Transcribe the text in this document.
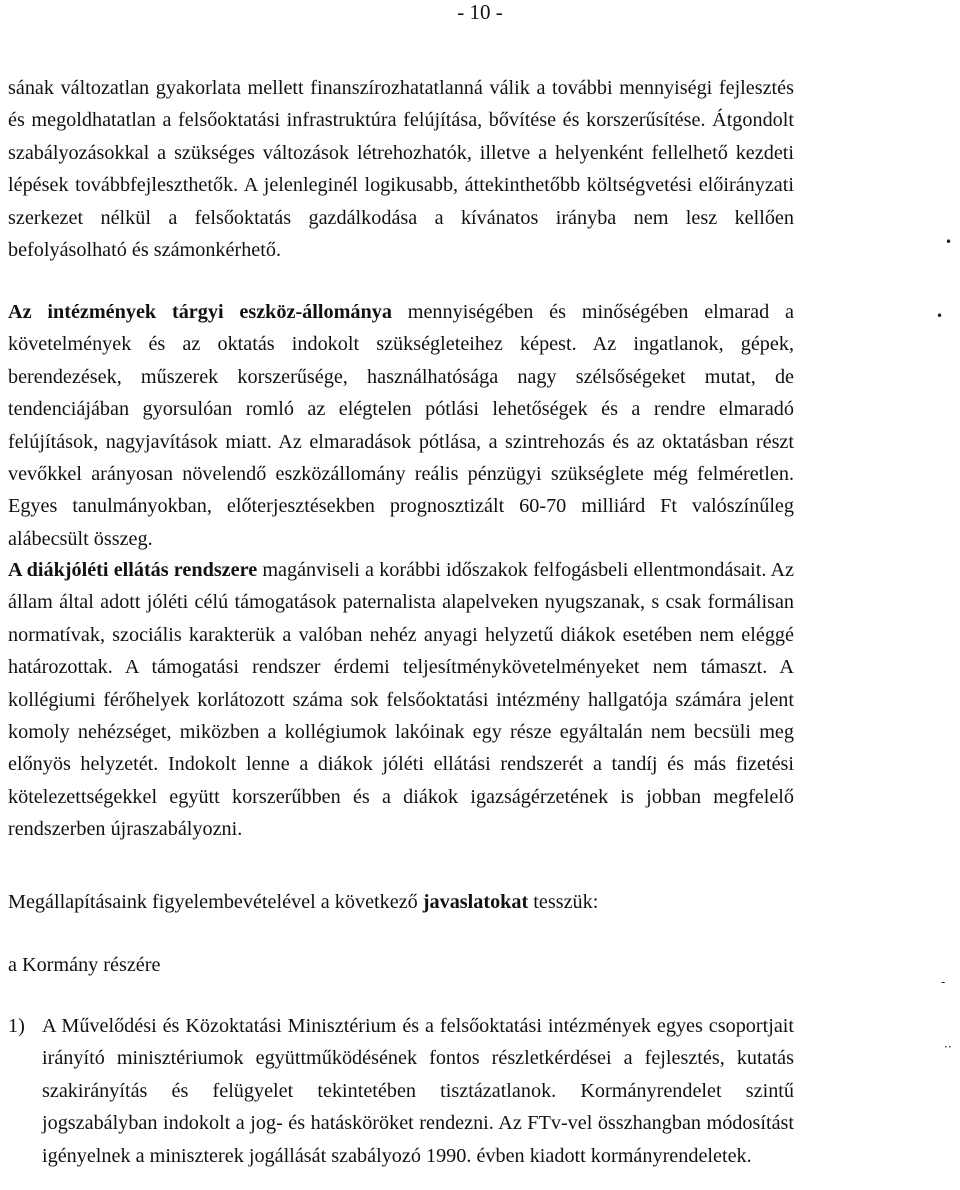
- 10 -

sának változatlan gyakorlata mellett finanszírozhatatlanná válik a további mennyiségi fejlesztés és megoldhatatlan a felsőoktatási infrastruktúra felújítása, bővítése és korszerűsítése. Átgondolt szabályozásokkal a szükséges változások létrehozhatók, illetve a helyenként fellelhető kezdeti lépések továbbfejleszthetők. A jelenleginél logikusabb, áttekinthetőbb költségvetési előirányzati szerkezet nélkül a felsőoktatás gazdálkodása a kívánatos irányba nem lesz kellően befolyásolható és számonkérhető.

Az intézmények tárgyi eszköz-állománya mennyiségében és minőségében elmarad a követelmények és az oktatás indokolt szükségleteihez képest. Az ingatlanok, gépek, berendezések, műszerek korszerűsége, használhatósága nagy szélsőségeket mutat, de tendenciájában gyorsulóan romló az elégtelen pótlási lehetőségek és a rendre elmaradó felújítások, nagyjavítások miatt. Az elmaradások pótlása, a szintrehozás és az oktatásban részt vevőkkel arányosan növelendő eszközállomány reális pénzügyi szükséglete még felméretlen. Egyes tanulmányokban, előterjesztésekben prognosztizált 60-70 milliárd Ft valószínűleg alábecsült összeg.

A diákjóléti ellátás rendszere magánviseli a korábbi időszakok felfogásbeli ellentmondásait. Az állam által adott jóléti célú támogatások paternalista alapelveken nyugszanak, s csak formálisan normatívak, szociális karakterük a valóban nehéz anyagi helyzetű diákok esetében nem eléggé határozottak. A támogatási rendszer érdemi teljesítménykövetelményeket nem támaszt. A kollégiumi férőhelyek korlátozott száma sok felsőoktatási intézmény hallgatója számára jelent komoly nehézséget, miközben a kollégiumok lakóinak egy része egyáltalán nem becsüli meg előnyös helyzetét. Indokolt lenne a diákok jóléti ellátási rendszerét a tandíj és más fizetési kötelezettségekkel együtt korszerűbben és a diákok igazságérzetének is jobban megfelelő rendszerben újraszabályozni.

Megállapításaink figyelembevételével a következő javaslatokat tesszük:

a Kormány részére

1) A Művelődési és Közoktatási Minisztérium és a felsőoktatási intézmények egyes csoportjait irányító minisztériumok együttműködésének fontos részletkérdései a fejlesztés, kutatás szakirányítás és felügyelet tekintetében tisztázatlanok. Kormányrendelet szintű jogszabályban indokolt a jog- és hatásköröket rendezni. Az FTv-vel összhangban módosítást igényelnek a miniszterek jogállását szabályozó 1990. évben kiadott kormányrendeletek.
•
•
-
··
